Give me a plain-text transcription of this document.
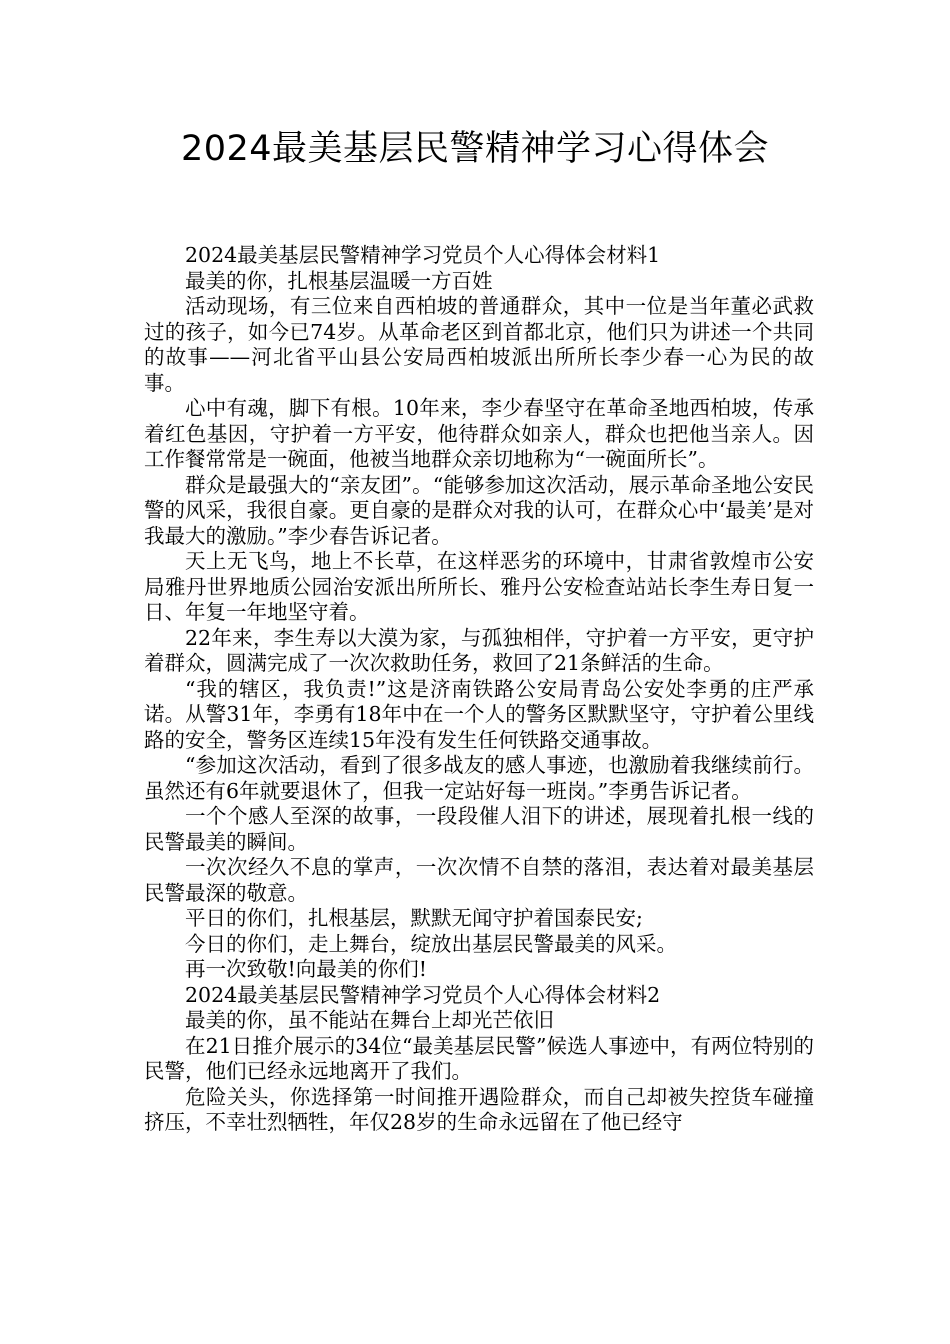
2024最美基层民警精神学习心得体会

2024最美基层民警精神学习党员个人心得体会材料1

最美的你，扎根基层温暖一方百姓

活动现场，有三位来自西柏坡的普通群众，其中一位是当年董必武救过的孩子，如今已74岁。从革命老区到首都北京，他们只为讲述一个共同的故事——河北省平山县公安局西柏坡派出所所长李少春一心为民的故事。

心中有魂，脚下有根。10年来，李少春坚守在革命圣地西柏坡，传承着红色基因，守护着一方平安，他待群众如亲人，群众也把他当亲人。因工作餐常常是一碗面，他被当地群众亲切地称为“一碗面所长”。

群众是最强大的“亲友团”。“能够参加这次活动，展示革命圣地公安民警的风采，我很自豪。更自豪的是群众对我的认可，在群众心中‘最美’是对我最大的激励。”李少春告诉记者。

天上无飞鸟，地上不长草，在这样恶劣的环境中，甘肃省敦煌市公安局雅丹世界地质公园治安派出所所长、雅丹公安检查站站长李生寿日复一日、年复一年地坚守着。

22年来，李生寿以大漠为家，与孤独相伴，守护着一方平安，更守护着群众，圆满完成了一次次救助任务，救回了21条鲜活的生命。

“我的辖区，我负责!”这是济南铁路公安局青岛公安处李勇的庄严承诺。从警31年，李勇有18年中在一个人的警务区默默坚守，守护着公里线路的安全，警务区连续15年没有发生任何铁路交通事故。

“参加这次活动，看到了很多战友的感人事迹，也激励着我继续前行。虽然还有6年就要退休了，但我一定站好每一班岗。”李勇告诉记者。

一个个感人至深的故事，一段段催人泪下的讲述，展现着扎根一线的民警最美的瞬间。

一次次经久不息的掌声，一次次情不自禁的落泪，表达着对最美基层民警最深的敬意。

平日的你们，扎根基层，默默无闻守护着国泰民安;

今日的你们，走上舞台，绽放出基层民警最美的风采。

再一次致敬!向最美的你们!

2024最美基层民警精神学习党员个人心得体会材料2

最美的你，虽不能站在舞台上却光芒依旧

在21日推介展示的34位“最美基层民警”候选人事迹中，有两位特别的民警，他们已经永远地离开了我们。

危险关头，你选择第一时间推开遇险群众，而自己却被失控货车碰撞挤压，不幸壮烈牺牲，年仅28岁的生命永远留在了他已经守
